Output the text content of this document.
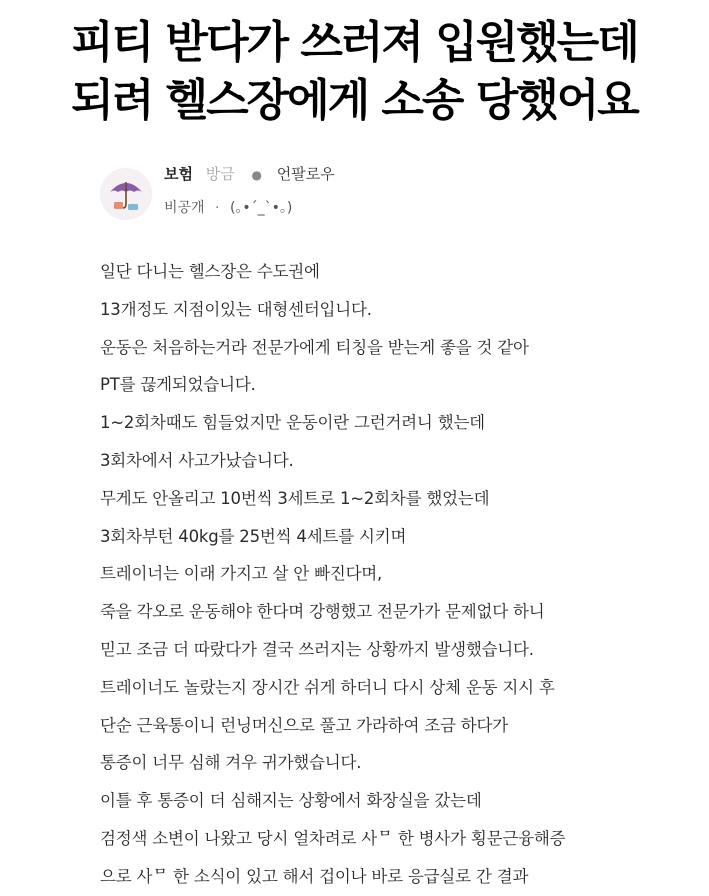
피티 받다가 쓰러져 입원했는데
되려 헬스장에게 소송 당했어요
보험 방금 ● 언팔로우
비공개 · (｡•ˊ_ˋ•｡)
일단 다니는 헬스장은 수도권에
13개정도 지점이있는 대형센터입니다.
운동은 처음하는거라 전문가에게 티칭을 받는게 좋을 것 같아
PT를 끊게되었습니다.
1~2회차때도 힘들었지만 운동이란 그런거려니 했는데
3회차에서 사고가났습니다.
무게도 안올리고 10번씩 3세트로 1~2회차를 했었는데
3회차부턴 40kg를 25번씩 4세트를 시키며
트레이너는 이래 가지고 살 안 빠진다며,
죽을 각오로 운동해야 한다며 강행했고 전문가가 문제없다 하니
믿고 조금 더 따랐다가 결국 쓰러지는 상황까지 발생했습니다.
트레이너도 놀랐는지 장시간 쉬게 하더니 다시 상체 운동 지시 후
단순 근육통이니 런닝머신으로 풀고 가라하여 조금 하다가
통증이 너무 심해 겨우 귀가했습니다.
이틀 후 통증이 더 심해지는 상황에서 화장실을 갔는데
검정색 소변이 나왔고 당시 얼차려로 사ᄆ 한 병사가 횡문근융해증
으로 사ᄆ 한 소식이 있고 해서 겁이나 바로 응급실로 간 결과
